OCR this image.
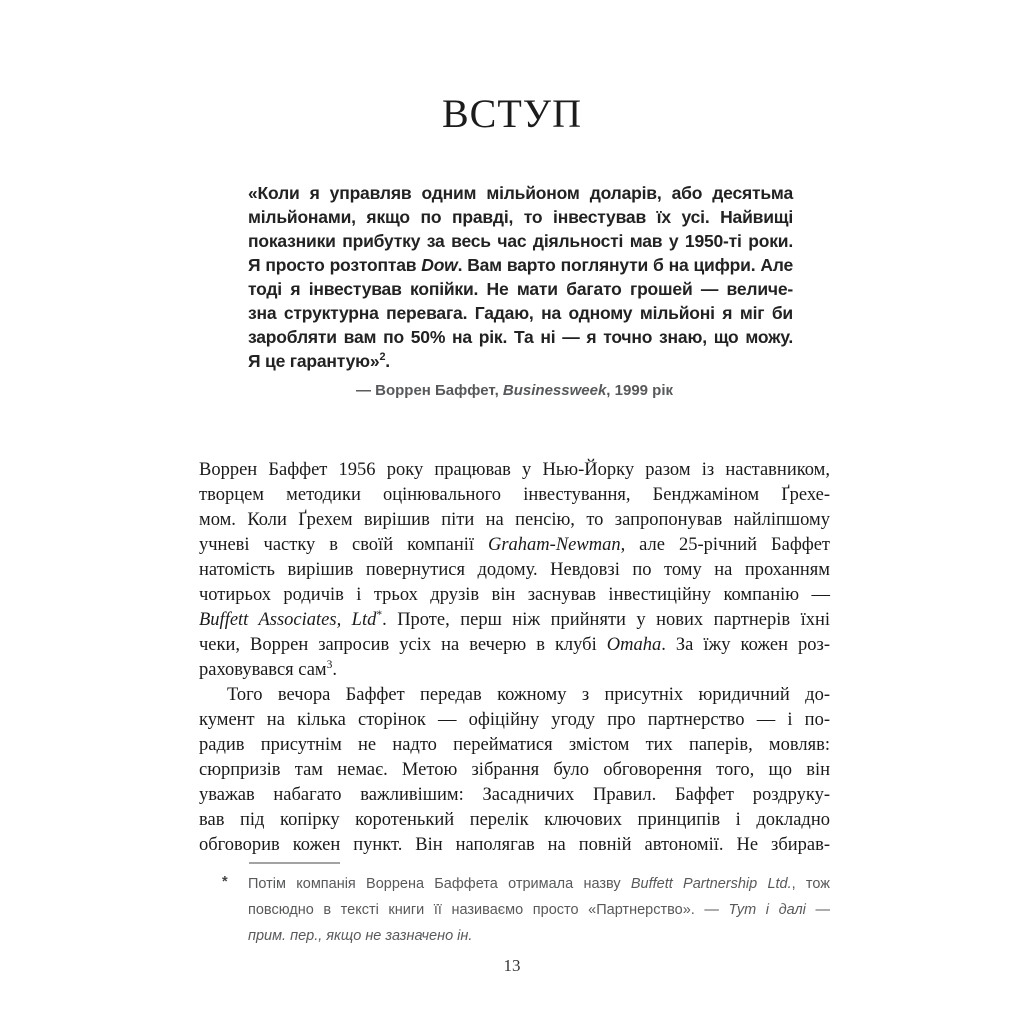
ВСТУП
«Коли я управляв одним мільйоном доларів, або десятьма
мільйонами, якщо по правді, то інвестував їх усі. Найвищі
показники прибутку за весь час діяльності мав у 1950-ті роки.
Я просто розтоптав Dow. Вам варто поглянути б на цифри. Але
тоді я інвестував копійки. Не мати багато грошей — величе-
зна структурна перевага. Гадаю, на одному мільйоні я міг би
заробляти вам по 50% на рік. Та ні — я точно знаю, що можу.
Я це гарантую»$^2$.
— Воррен Баффет, Businessweek, 1999 рік
Воррен Баффет 1956 року працював у Нью-Йорку разом із наставником,
творцем методики оцінювального інвестування, Бенджаміном Ґрехе-
мом. Коли Ґрехем вирішив піти на пенсію, то запропонував найліпшому
учневі частку в своїй компанії Graham-Newman, але 25-річний Баффет
натомість вирішив повернутися додому. Невдовзі по тому на проханням
чотирьох родичів і трьох друзів він заснував інвестиційну компанію —
Buffett Associates, Ltd*. Проте, перш ніж прийняти у нових партнерів їхні
чеки, Воррен запросив усіх на вечерю в клубі Omaha. За їжу кожен роз-
раховувався сам$^3$.
Того вечора Баффет передав кожному з присутніх юридичний до-
кумент на кілька сторінок — офіційну угоду про партнерство — і по-
радив присутнім не надто перейматися змістом тих паперів, мовляв:
сюрпризів там немає. Метою зібрання було обговорення того, що він
уважав набагато важливішим: Засадничих Правил. Баффет роздруку-
вав під копірку коротенький перелік ключових принципів і докладно
обговорив кожен пункт. Він наполягав на повній автономії. Не збирав-
* Потім компанія Воррена Баффета отримала назву Buffett Partnership Ltd., тож
повсюдно в тексті книги її називаємо просто «Партнерство». — Тут і далі —
прим. пер., якщо не зазначено ін.
13
